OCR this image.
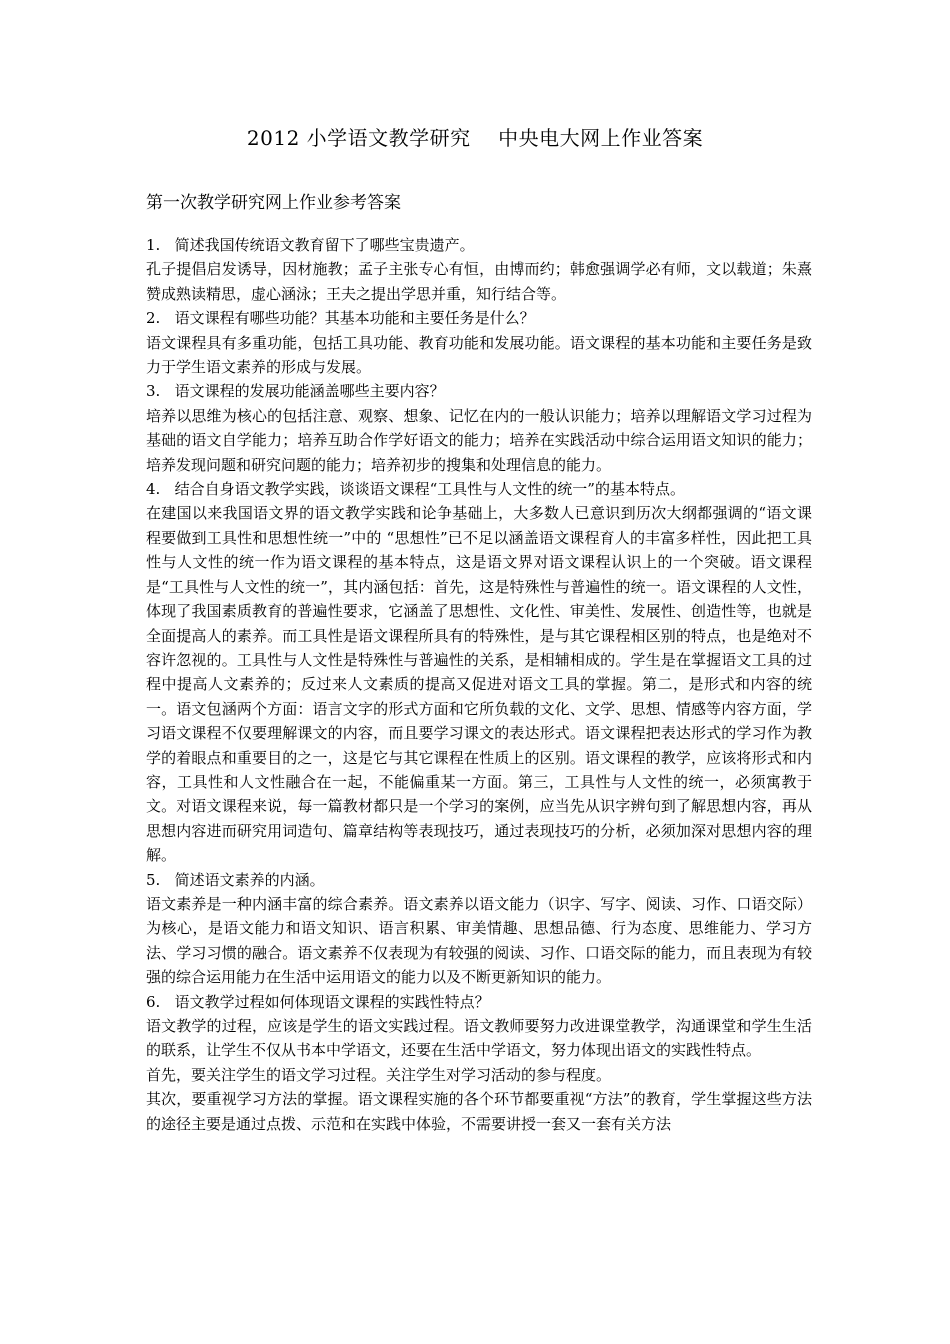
2012 小学语文教学研究    中央电大网上作业答案
第一次教学研究网上作业参考答案

1.   简述我国传统语文教育留下了哪些宝贵遗产。

孔子提倡启发诱导，因材施教；孟子主张专心有恒，由博而约；韩愈强调学必有师，文以载道；朱熹赞成熟读精思，虚心涵泳；王夫之提出学思并重，知行结合等。

2.   语文课程有哪些功能？其基本功能和主要任务是什么？

语文课程具有多重功能，包括工具功能、教育功能和发展功能。语文课程的基本功能和主要任务是致力于学生语文素养的形成与发展。

3.   语文课程的发展功能涵盖哪些主要内容？

培养以思维为核心的包括注意、观察、想象、记忆在内的一般认识能力；培养以理解语文学习过程为基础的语文自学能力；培养互助合作学好语文的能力；培养在实践活动中综合运用语文知识的能力；培养发现问题和研究问题的能力；培养初步的搜集和处理信息的能力。

4.   结合自身语文教学实践，谈谈语文课程“工具性与人文性的统一”的基本特点。

在建国以来我国语文界的语文教学实践和论争基础上，大多数人已意识到历次大纲都强调的“语文课程要做到工具性和思想性统一”中的 “思想性”已不足以涵盖语文课程育人的丰富多样性，因此把工具性与人文性的统一作为语文课程的基本特点，这是语文界对语文课程认识上的一个突破。语文课程是“工具性与人文性的统一”，其内涵包括：首先，这是特殊性与普遍性的统一。语文课程的人文性，体现了我国素质教育的普遍性要求，它涵盖了思想性、文化性、审美性、发展性、创造性等，也就是全面提高人的素养。而工具性是语文课程所具有的特殊性，是与其它课程相区别的特点，也是绝对不容许忽视的。工具性与人文性是特殊性与普遍性的关系，是相辅相成的。学生是在掌握语文工具的过程中提高人文素养的；反过来人文素质的提高又促进对语文工具的掌握。第二，是形式和内容的统一。语文包涵两个方面：语言文字的形式方面和它所负载的文化、文学、思想、情感等内容方面，学习语文课程不仅要理解课文的内容，而且要学习课文的表达形式。语文课程把表达形式的学习作为教学的着眼点和重要目的之一，这是它与其它课程在性质上的区别。语文课程的教学，应该将形式和内容，工具性和人文性融合在一起，不能偏重某一方面。第三，工具性与人文性的统一，必须寓教于文。对语文课程来说，每一篇教材都只是一个学习的案例，应当先从识字辨句到了解思想内容，再从思想内容进而研究用词造句、篇章结构等表现技巧，通过表现技巧的分析，必须加深对思想内容的理解。

5.   简述语文素养的内涵。

语文素养是一种内涵丰富的综合素养。语文素养以语文能力（识字、写字、阅读、习作、口语交际）为核心，是语文能力和语文知识、语言积累、审美情趣、思想品德、行为态度、思维能力、学习方法、学习习惯的融合。语文素养不仅表现为有较强的阅读、习作、口语交际的能力，而且表现为有较强的综合运用能力在生活中运用语文的能力以及不断更新知识的能力。

6.   语文教学过程如何体现语文课程的实践性特点？

语文教学的过程，应该是学生的语文实践过程。语文教师要努力改进课堂教学，沟通课堂和学生生活的联系，让学生不仅从书本中学语文，还要在生活中学语文，努力体现出语文的实践性特点。

首先，要关注学生的语文学习过程。关注学生对学习活动的参与程度。

其次，要重视学习方法的掌握。语文课程实施的各个环节都要重视“方法”的教育，学生掌握这些方法的途径主要是通过点拨、示范和在实践中体验，不需要讲授一套又一套有关方法
